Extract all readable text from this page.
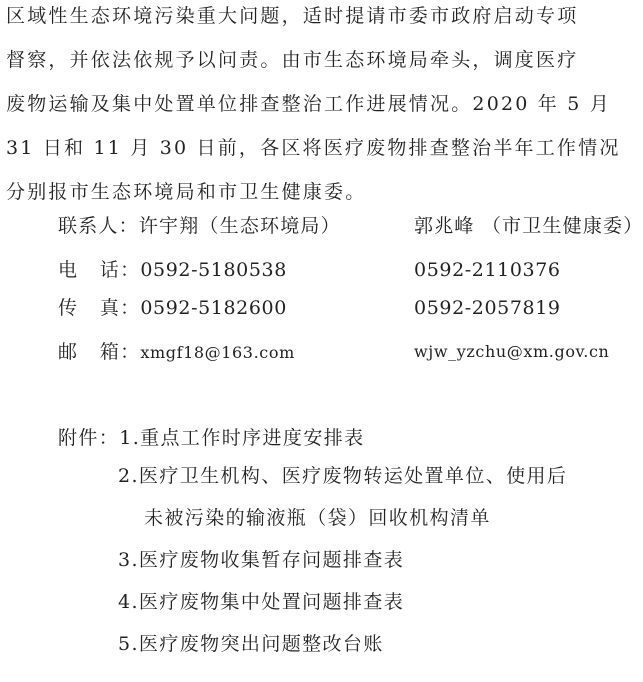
区域性生态环境污染重大问题，适时提请市委市政府启动专项
督察，并依法依规予以问责。由市生态环境局牵头，调度医疗
废物运输及集中处置单位排查整治工作进展情况。2020 年 5 月
31 日和 11 月 30 日前，各区将医疗废物排查整治半年工作情况
分别报市生态环境局和市卫生健康委。
联系人：许宇翔（生态环境局）	郭兆峰 （市卫生健康委）
电   话：0592-5180538	0592-2110376
传   真：0592-5182600	0592-2057819
邮   箱：xmgf18@163.com	wjw_yzchu@xm.gov.cn
附件：1.重点工作时序进度安排表
2.医疗卫生机构、医疗废物转运处置单位、使用后
未被污染的输液瓶（袋）回收机构清单
3.医疗废物收集暂存问题排查表
4.医疗废物集中处置问题排查表
5.医疗废物突出问题整改台账
